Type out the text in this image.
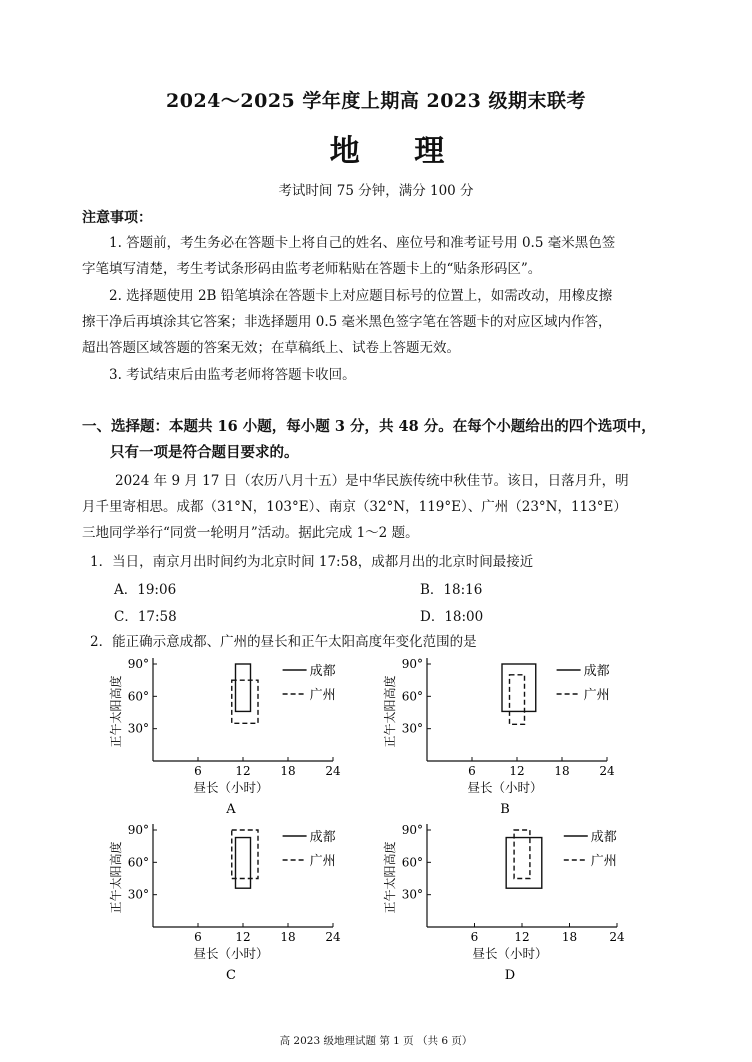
2024～2025 学年度上期高 2023 级期末联考
地 理
考试时间 75 分钟，满分 100 分
注意事项：
1. 答题前，考生务必在答题卡上将自己的姓名、座位号和准考证号用 0.5 毫米黑色签
字笔填写清楚，考生考试条形码由监考老师粘贴在答题卡上的“贴条形码区”。
2. 选择题使用 2B 铅笔填涂在答题卡上对应题目标号的位置上，如需改动，用橡皮擦
擦干净后再填涂其它答案；非选择题用 0.5 毫米黑色签字笔在答题卡的对应区域内作答，
超出答题区域答题的答案无效；在草稿纸上、试卷上答题无效。
3. 考试结束后由监考老师将答题卡收回。
一、选择题：本题共 16 小题，每小题 3 分，共 48 分。在每个小题给出的四个选项中，
只有一项是符合题目要求的。
2024 年 9 月 17 日（农历八月十五）是中华民族传统中秋佳节。该日，日落月升，明
月千里寄相思。成都（31°N，103°E）、南京（32°N，119°E）、广州（23°N，113°E）
三地同学举行“同赏一轮明月”活动。据此完成 1～2 题。
1．当日，南京月出时间约为北京时间 17:58，成都月出的北京时间最接近
A．19:06	B．18:16
C．17:58	D．18:00
2．能正确示意成都、广州的昼长和正午太阳高度年变化范围的是
90°
60°
30°
6	12 18 24
正午太阳高度
昼长（小时）
A
成都
广州
90°
60°
30°
6	12 18 24
正午太阳高度
昼长（小时）
B
成都
广州
90°
60°
30°
6	12 18 24
正午太阳高度
昼长（小时）
C
成都
广州
90°
60°
30°
6	12	18	24
正午太阳高度
昼长（小时）
D
成都
广州
高 2023 级地理试题 第 1 页 （共 6 页）
